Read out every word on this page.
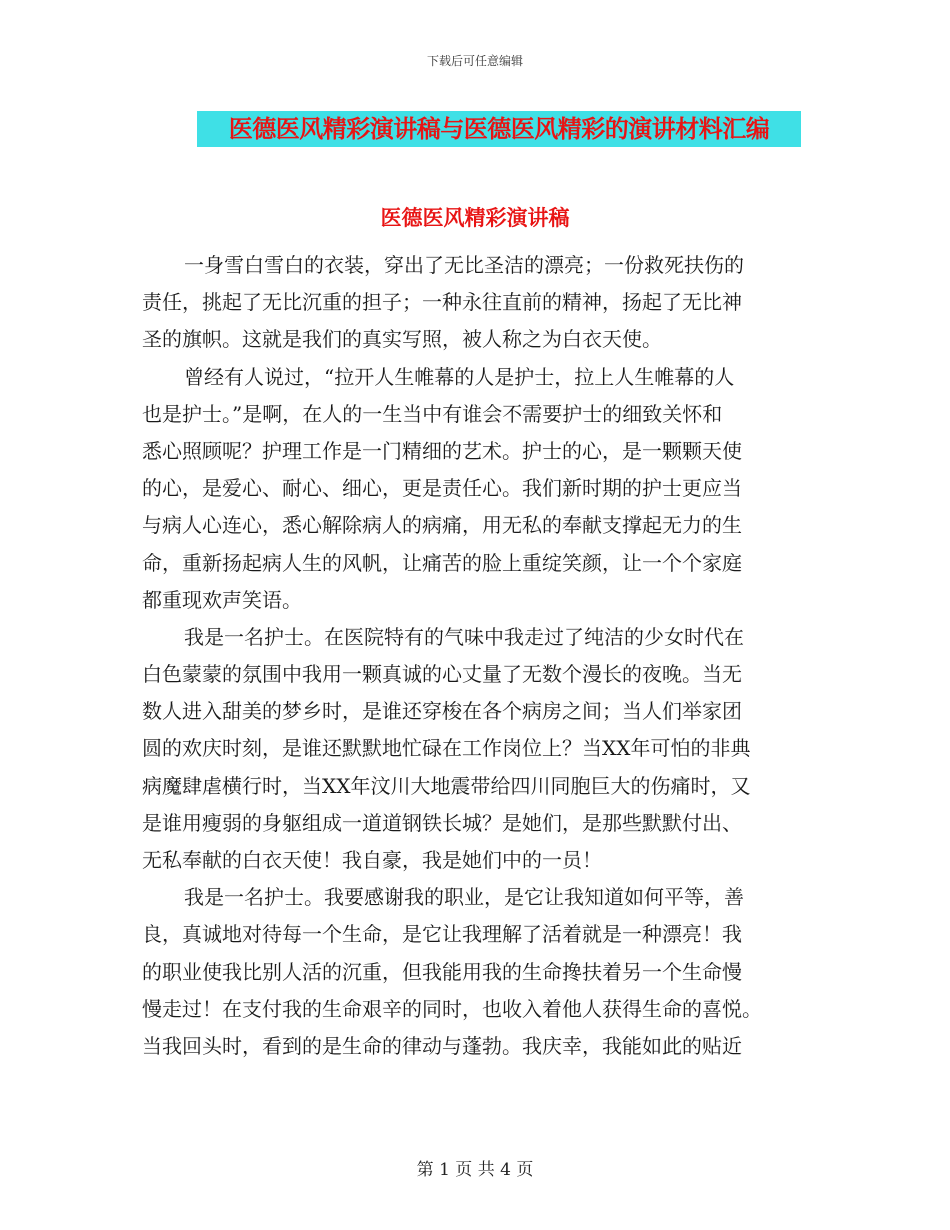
下载后可任意编辑
医德医风精彩演讲稿与医德医风精彩的演讲材料汇编
医德医风精彩演讲稿
一身雪白雪白的衣装，穿出了无比圣洁的漂亮；一份救死扶伤的
责任，挑起了无比沉重的担子；一种永往直前的精神，扬起了无比神
圣的旗帜。这就是我们的真实写照，被人称之为白衣天使。
曾经有人说过，“拉开人生帷幕的人是护士，拉上人生帷幕的人
也是护士。”是啊，在人的一生当中有谁会不需要护士的细致关怀和
悉心照顾呢？护理工作是一门精细的艺术。护士的心，是一颗颗天使
的心，是爱心、耐心、细心，更是责任心。我们新时期的护士更应当
与病人心连心，悉心解除病人的病痛，用无私的奉献支撑起无力的生
命，重新扬起病人生的风帆，让痛苦的脸上重绽笑颜，让一个个家庭
都重现欢声笑语。
我是一名护士。在医院特有的气味中我走过了纯洁的少女时代在
白色蒙蒙的氛围中我用一颗真诚的心丈量了无数个漫长的夜晚。当无
数人进入甜美的梦乡时，是谁还穿梭在各个病房之间；当人们举家团
圆的欢庆时刻，是谁还默默地忙碌在工作岗位上？当XX年可怕的非典
病魔肆虐横行时，当XX年汶川大地震带给四川同胞巨大的伤痛时，又
是谁用瘦弱的身躯组成一道道钢铁长城？是她们，是那些默默付出、
无私奉献的白衣天使！我自豪，我是她们中的一员！
我是一名护士。我要感谢我的职业，是它让我知道如何平等，善
良，真诚地对待每一个生命，是它让我理解了活着就是一种漂亮！我
的职业使我比别人活的沉重，但我能用我的生命搀扶着另一个生命慢
慢走过！在支付我的生命艰辛的同时，也收入着他人获得生命的喜悦。
当我回头时，看到的是生命的律动与蓬勃。我庆幸，我能如此的贴近
第 1 页 共 4 页
